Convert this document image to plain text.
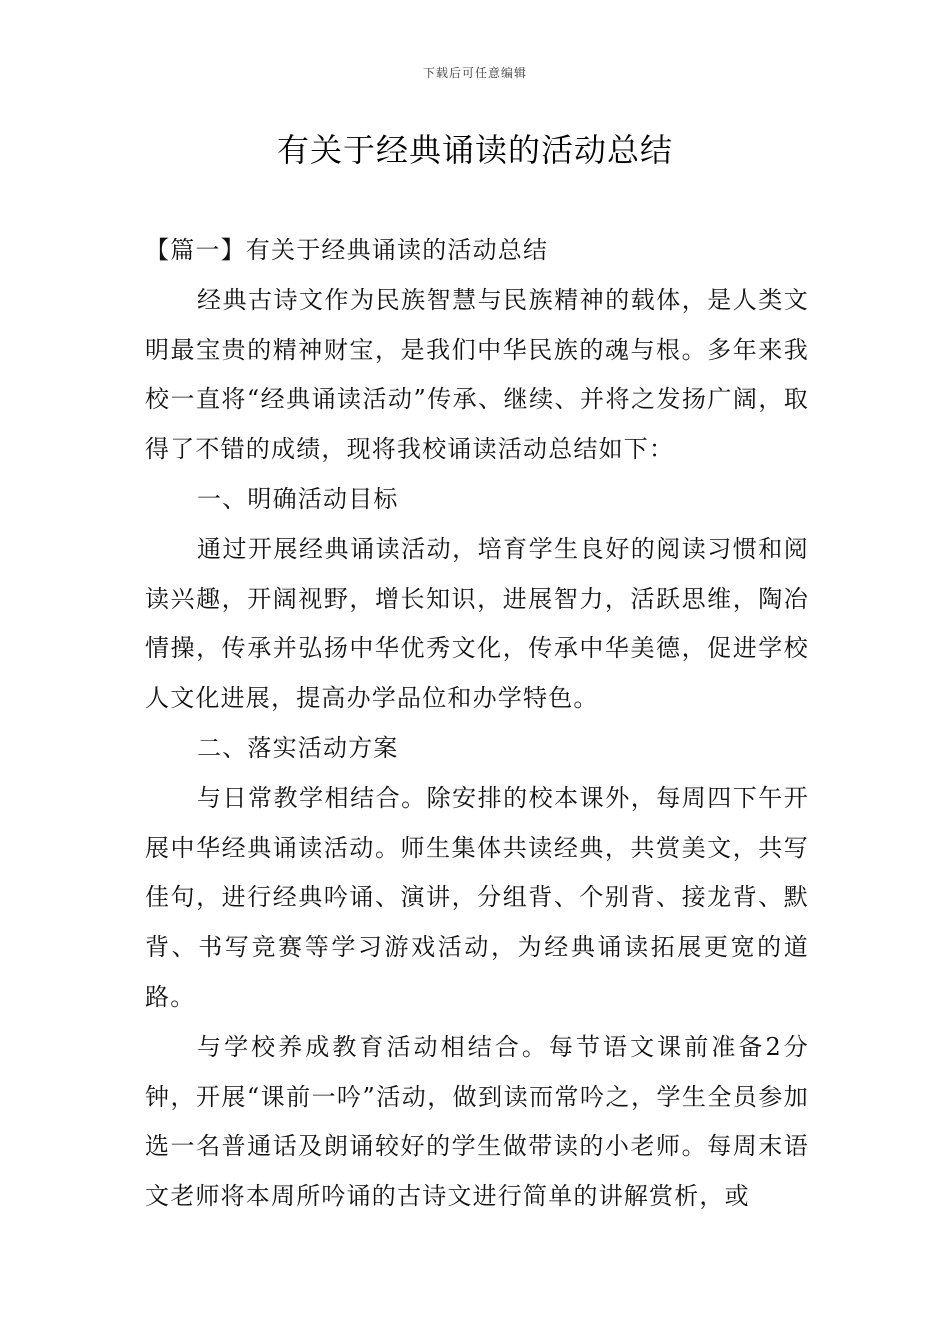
下载后可任意编辑
有关于经典诵读的活动总结

【篇一】有关于经典诵读的活动总结

经典古诗文作为民族智慧与民族精神的载体，是人类文明最宝贵的精神财宝，是我们中华民族的魂与根。多年来我校一直将“经典诵读活动”传承、继续、并将之发扬广阔，取得了不错的成绩，现将我校诵读活动总结如下：

一、明确活动目标

通过开展经典诵读活动，培育学生良好的阅读习惯和阅读兴趣，开阔视野，增长知识，进展智力，活跃思维，陶冶情操，传承并弘扬中华优秀文化，传承中华美德，促进学校人文化进展，提高办学品位和办学特色。

二、落实活动方案

与日常教学相结合。除安排的校本课外，每周四下午开展中华经典诵读活动。师生集体共读经典，共赏美文，共写佳句，进行经典吟诵、演讲，分组背、个别背、接龙背、默背、书写竞赛等学习游戏活动，为经典诵读拓展更宽的道路。

与学校养成教育活动相结合。每节语文课前准备2分钟，开展“课前一吟”活动，做到读而常吟之，学生全员参加选一名普通话及朗诵较好的学生做带读的小老师。每周末语文老师将本周所吟诵的古诗文进行简单的讲解赏析，或
